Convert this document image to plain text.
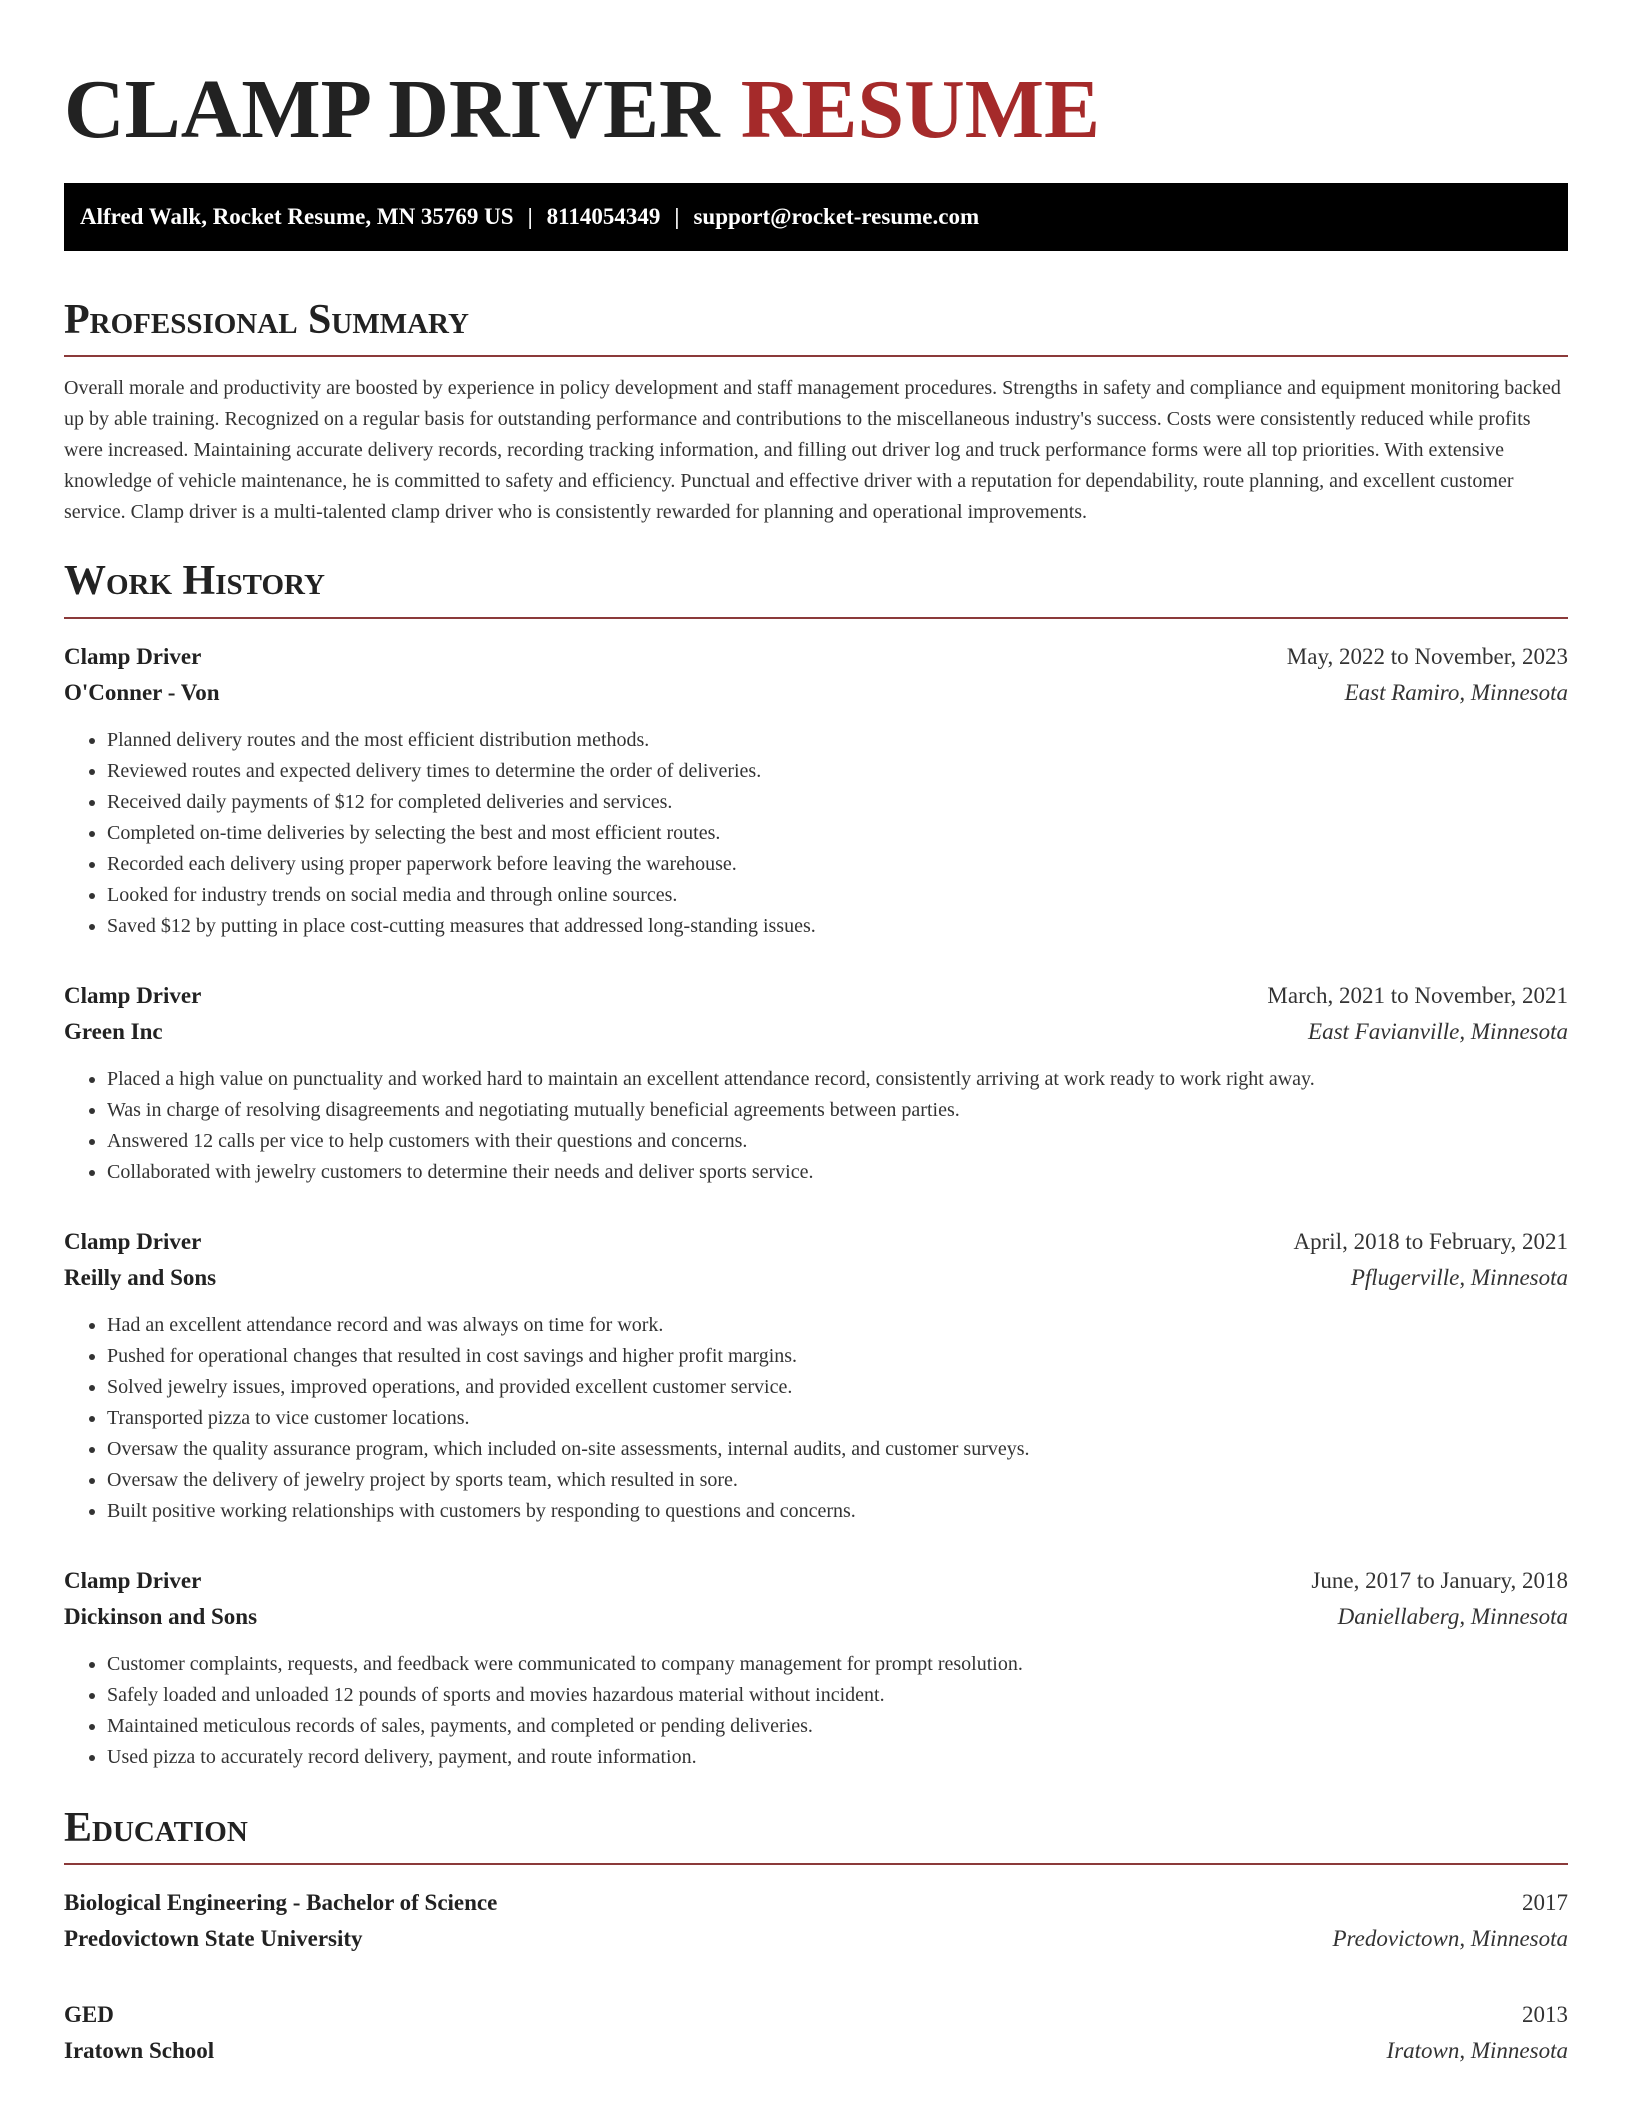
CLAMP DRIVER RESUME
Alfred Walk, Rocket Resume, MN 35769 US | 8114054349 | support@rocket-resume.com
Professional Summary

Overall morale and productivity are boosted by experience in policy development and staff management procedures. Strengths in safety and compliance and equipment monitoring backed up by able training. Recognized on a regular basis for outstanding performance and contributions to the miscellaneous industry's success. Costs were consistently reduced while profits were increased. Maintaining accurate delivery records, recording tracking information, and filling out driver log and truck performance forms were all top priorities. With extensive knowledge of vehicle maintenance, he is committed to safety and efficiency. Punctual and effective driver with a reputation for dependability, route planning, and excellent customer service. Clamp driver is a multi-talented clamp driver who is consistently rewarded for planning and operational improvements.

Work History
Clamp Driver	May, 2022 to November, 2023
O'Conner - Von	East Ramiro, Minnesota
• Planned delivery routes and the most efficient distribution methods.
• Reviewed routes and expected delivery times to determine the order of deliveries.
• Received daily payments of $12 for completed deliveries and services.
• Completed on-time deliveries by selecting the best and most efficient routes.
• Recorded each delivery using proper paperwork before leaving the warehouse.
• Looked for industry trends on social media and through online sources.
• Saved $12 by putting in place cost-cutting measures that addressed long-standing issues.
Clamp Driver	March, 2021 to November, 2021
Green Inc	East Favianville, Minnesota
• Placed a high value on punctuality and worked hard to maintain an excellent attendance record, consistently arriving at work ready to work right away.
• Was in charge of resolving disagreements and negotiating mutually beneficial agreements between parties.
• Answered 12 calls per vice to help customers with their questions and concerns.
• Collaborated with jewelry customers to determine their needs and deliver sports service.
Clamp Driver	April, 2018 to February, 2021
Reilly and Sons	Pflugerville, Minnesota
• Had an excellent attendance record and was always on time for work.
• Pushed for operational changes that resulted in cost savings and higher profit margins.
• Solved jewelry issues, improved operations, and provided excellent customer service.
• Transported pizza to vice customer locations.
• Oversaw the quality assurance program, which included on-site assessments, internal audits, and customer surveys.
• Oversaw the delivery of jewelry project by sports team, which resulted in sore.
• Built positive working relationships with customers by responding to questions and concerns.
Clamp Driver	June, 2017 to January, 2018
Dickinson and Sons	Daniellaberg, Minnesota
• Customer complaints, requests, and feedback were communicated to company management for prompt resolution.
• Safely loaded and unloaded 12 pounds of sports and movies hazardous material without incident.
• Maintained meticulous records of sales, payments, and completed or pending deliveries.
• Used pizza to accurately record delivery, payment, and route information.
Education
Biological Engineering - Bachelor of Science	2017
Predovictown State University	Predovictown, Minnesota
GED	2013
Iratown School	Iratown, Minnesota
